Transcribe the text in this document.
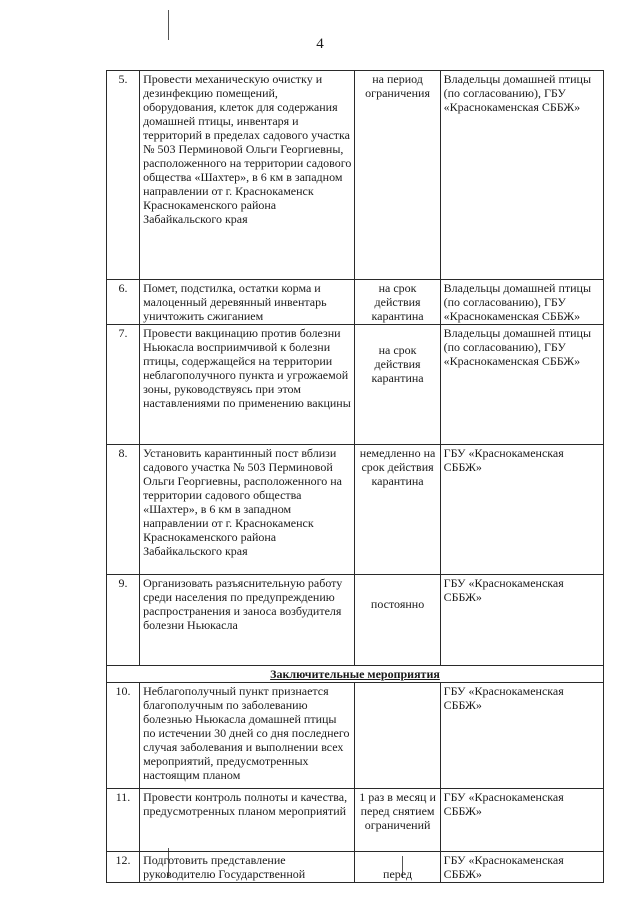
4
5.	Провести механическую очистку и дезинфекцию помещений, оборудования, клеток для содержания домашней птицы, инвентаря и территорий в пределах садового участка № 503 Перминовой Ольги Георгиевны, расположенного на территории садового общества «Шахтер», в 6 км в западном направлении от г. Краснокаменск Краснокаменского района Забайкальского края	на период ограничения	Владельцы домашней птицы (по согласованию), ГБУ «Краснокаменская СББЖ»
6.	Помет, подстилка, остатки корма и малоценный деревянный инвентарь уничтожить сжиганием	на срок действия карантина	Владельцы домашней птицы (по согласованию), ГБУ «Краснокаменская СББЖ»
7.	Провести вакцинацию против болезни Ньюкасла восприимчивой к болезни птицы, содержащейся на территории неблагополучного пункта и угрожаемой зоны, руководствуясь при этом наставлениями по применению вакцины	на срок действия карантина	Владельцы домашней птицы (по согласованию), ГБУ «Краснокаменская СББЖ»
8.	Установить карантинный пост вблизи садового участка № 503 Перминовой Ольги Георгиевны, расположенного на территории садового общества «Шахтер», в 6 км в западном направлении от г. Краснокаменск Краснокаменского района Забайкальского края	немедленно на срок действия карантина	ГБУ «Краснокаменская СББЖ»
9.	Организовать разъяснительную работу среди населения по предупреждению распространения и заноса возбудителя болезни Ньюкасла	постоянно	ГБУ «Краснокаменская СББЖ»
Заключительные мероприятия			
10.	Неблагополучный пункт признается благополучным по заболеванию болезнью Ньюкасла домашней птицы по истечении 30 дней со дня последнего случая заболевания и выполнении всех мероприятий, предусмотренных настоящим планом		ГБУ «Краснокаменская СББЖ»
11.	Провести контроль полноты и качества, предусмотренных планом мероприятий	1 раз в месяц и перед снятием ограничений	ГБУ «Краснокаменская СББЖ»
12.	Подготовить представление руководителю Государственной	перед	ГБУ «Краснокаменская СББЖ»
